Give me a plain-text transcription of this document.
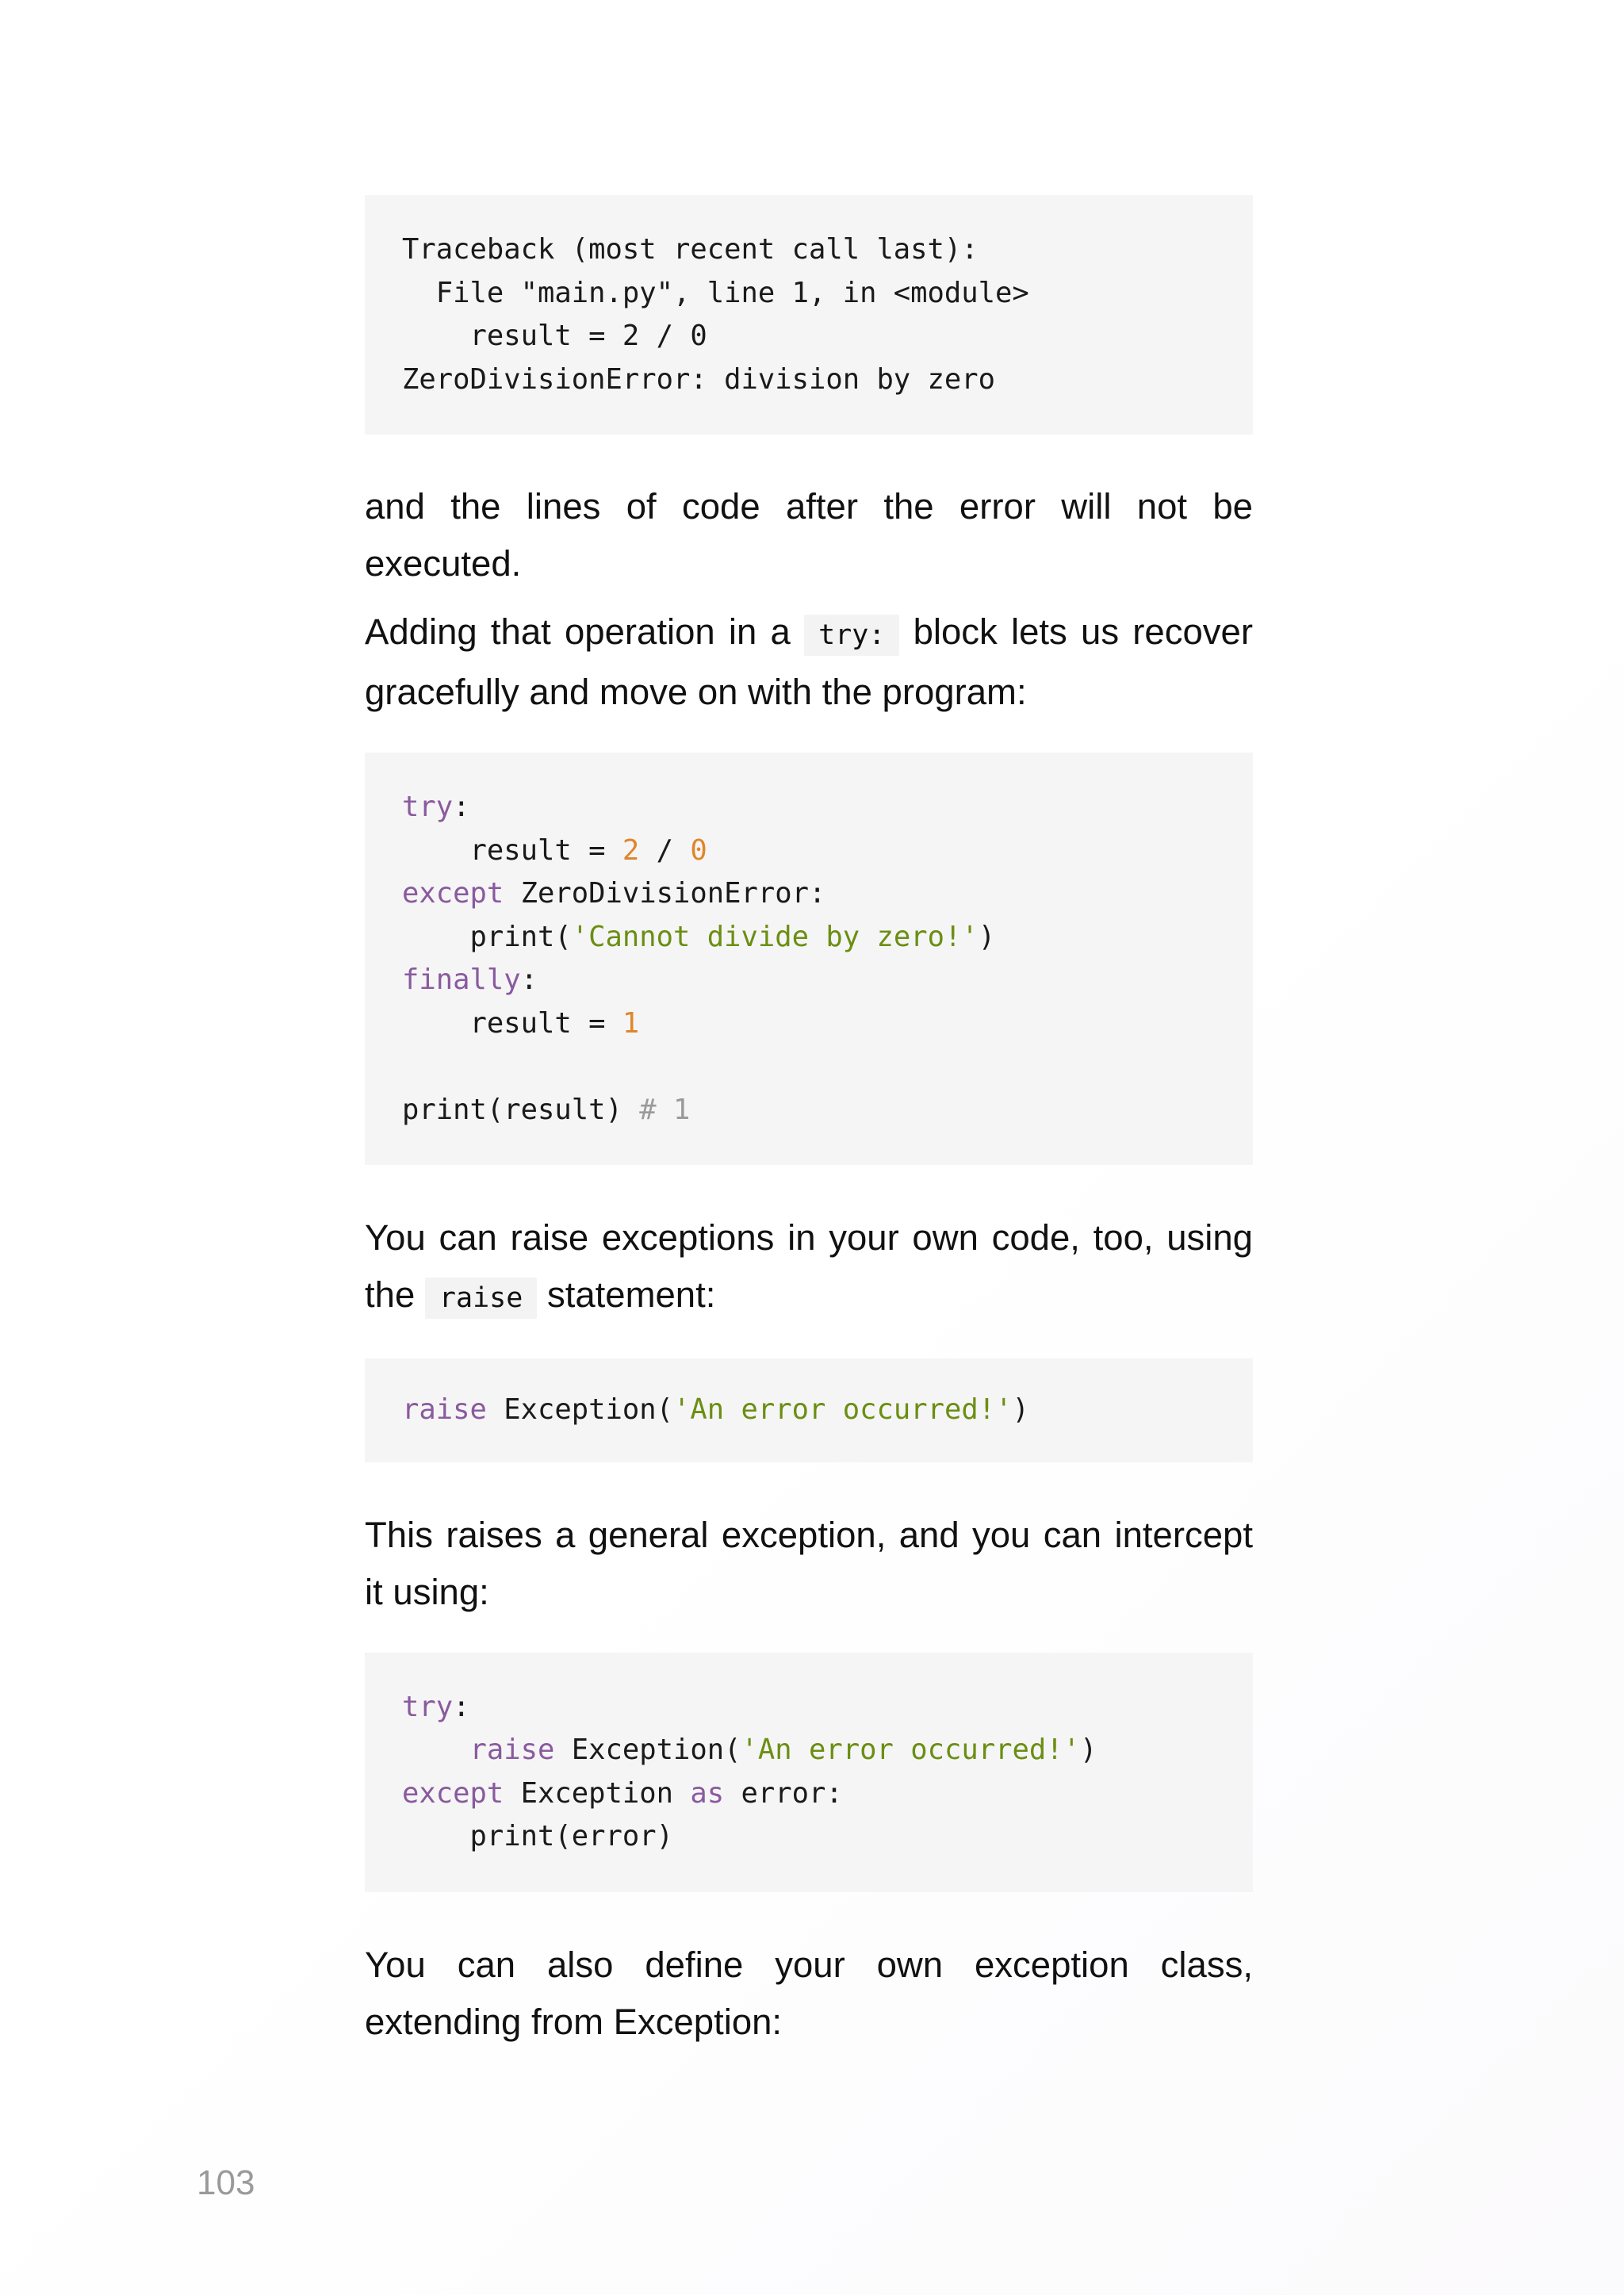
Traceback (most recent call last):
File "main.py", line 1, in <module>
result = 2 / 0
ZeroDivisionError: division by zero

and the lines of code after the error will not be executed.

Adding that operation in a try: block lets us recover gracefully and move on with the program:

try:
result = 2 / 0
except ZeroDivisionError:
print('Cannot divide by zero!')
finally:
result = 1
print(result) # 1

You can raise exceptions in your own code, too, using the raise statement:

raise Exception('An error occurred!')

This raises a general exception, and you can intercept it using:

try:
raise Exception('An error occurred!')
except Exception as error:
print(error)

You can also define your own exception class, extending from Exception:

103
